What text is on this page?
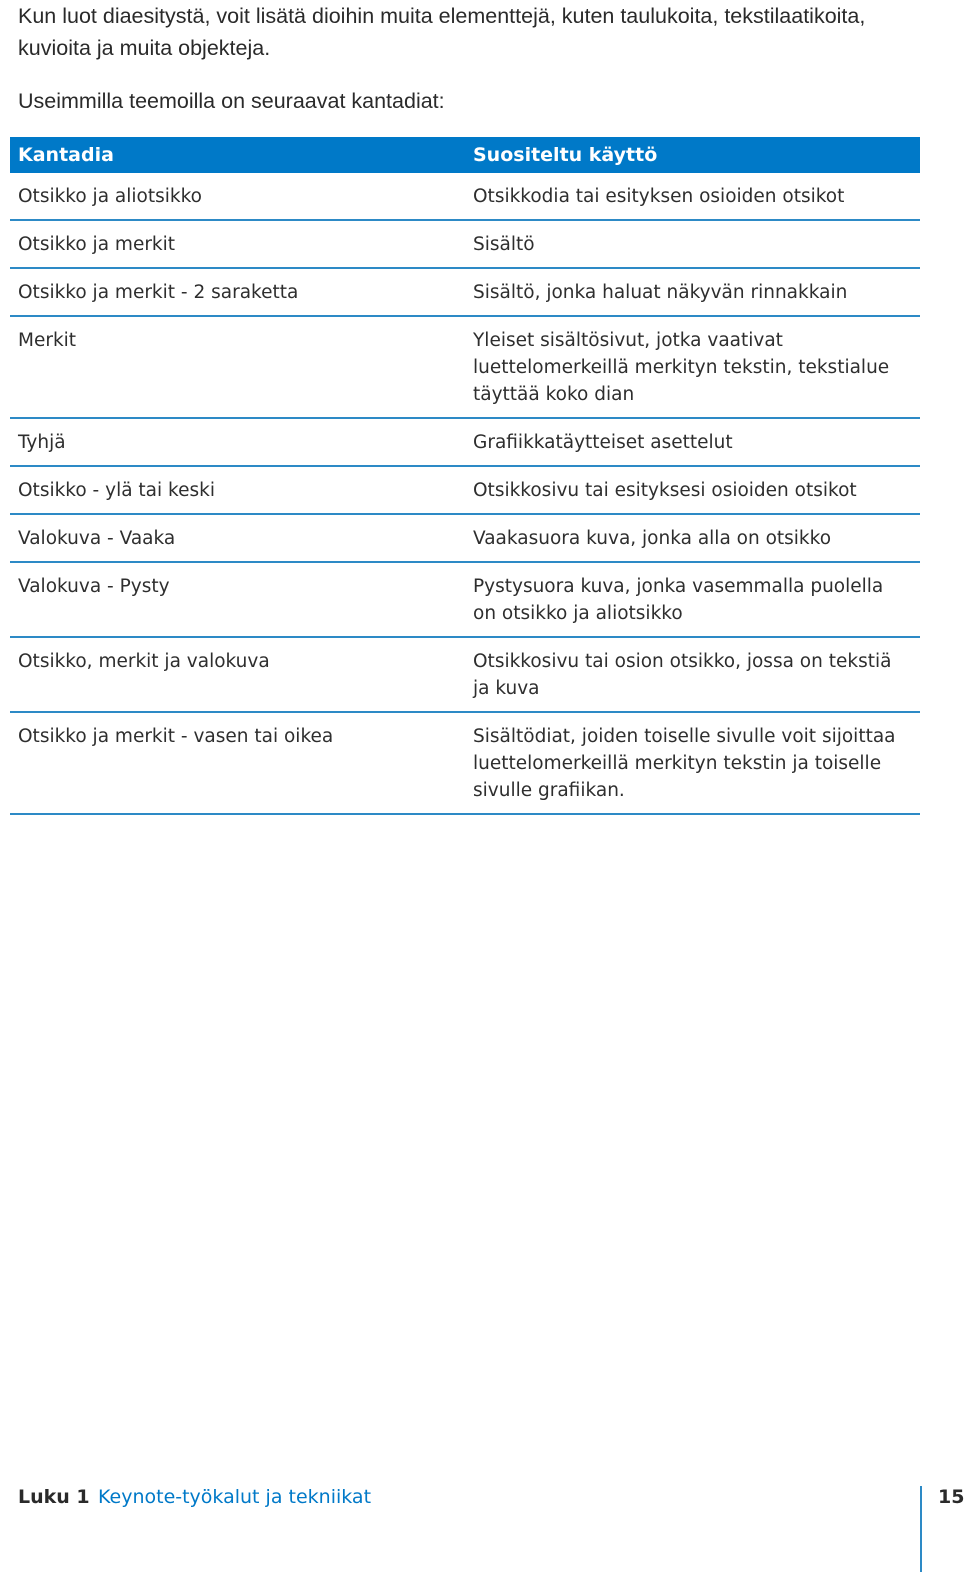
Kun luot diaesitystä, voit lisätä dioihin muita elementtejä, kuten taulukoita, tekstilaatikoita, kuvioita ja muita objekteja.

Useimmilla teemoilla on seuraavat kantadiat:

Kantadia	Suositeltu käyttö
Otsikko ja aliotsikko	Otsikkodia tai esityksen osioiden otsikot
Otsikko ja merkit	Sisältö
Otsikko ja merkit - 2 saraketta	Sisältö, jonka haluat näkyvän rinnakkain
Merkit	Yleiset sisältösivut, jotka vaativat luettelomerkeillä merkityn tekstin, tekstialue täyttää koko dian
Tyhjä	Grafiikkatäytteiset asettelut
Otsikko - ylä tai keski	Otsikkosivu tai esityksesi osioiden otsikot
Valokuva - Vaaka	Vaakasuora kuva, jonka alla on otsikko
Valokuva - Pysty	Pystysuora kuva, jonka vasemmalla puolella on otsikko ja aliotsikko
Otsikko, merkit ja valokuva	Otsikkosivu tai osion otsikko, jossa on tekstiä ja kuva
Otsikko ja merkit - vasen tai oikea	Sisältödiat, joiden toiselle sivulle voit sijoittaa luettelomerkeillä merkityn tekstin ja toiselle sivulle grafiikan.
Luku 1 Keynote-työkalut ja tekniikat	15
